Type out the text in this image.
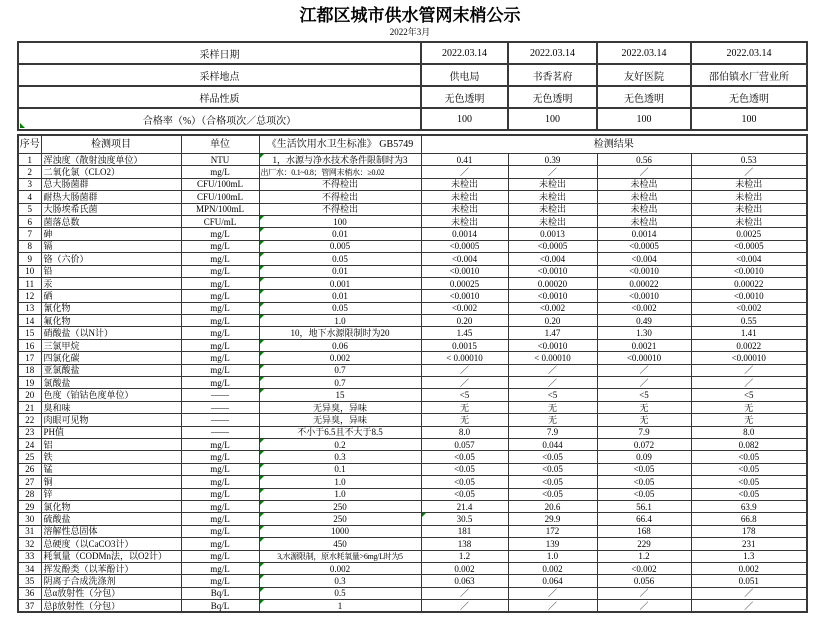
江都区城市供水管网末梢公示
2022年3月
采样日期	2022.03.14	2022.03.14	2022.03.14	2022.03.14
采样地点	供电局	书香茗府	友好医院	邵伯镇水厂营业所
样品性质	无色透明	无色透明	无色透明	无色透明

合格率（%）（合格项次／总项次）	100	100	100	100
序号	检测项目	单位	《生活饮用水卫生标准》 GB5749	检测结果			
1	浑浊度（散射浊度单位）	NTU	1，水源与净水技术条件限制时为3	0.41	0.39	0.56	0.53
2	二氧化氯（CLO2）	mg/L	出厂水：0.1~0.8；管网末梢水：≥0.02	／	／	／	／
3	总大肠菌群	CFU/100mL	不得检出	未检出	未检出	未检出	未检出
4	耐热大肠菌群	CFU/100mL	不得检出	未检出	未检出	未检出	未检出
5	大肠埃希氏菌	MPN/100mL	不得检出	未检出	未检出	未检出	未检出
6	菌落总数	CFU/mL	100	未检出	未检出	未检出	未检出
7	砷	mg/L	0.01	0.0014	0.0013	0.0014	0.0025
8	镉	mg/L	0.005	<0.0005	<0.0005	<0.0005	<0.0005
9	铬（六价）	mg/L	0.05	<0.004	<0.004	<0.004	<0.004
10	铅	mg/L	0.01	<0.0010	<0.0010	<0.0010	<0.0010
11	汞	mg/L	0.001	0.00025	0.00020	0.00022	0.00022
12	硒	mg/L	0.01	<0.0010	<0.0010	<0.0010	<0.0010
13	氰化物	mg/L	0.05	<0.002	<0.002	<0.002	<0.002
14	氟化物	mg/L	1.0	0.20	0.20	0.49	0.55
15	硝酸盐（以N计）	mg/L	10，地下水源限制时为20	1.45	1.47	1.30	1.41
16	三氯甲烷	mg/L	0.06	0.0015	<0.0010	0.0021	0.0022
17	四氯化碳	mg/L	0.002	< 0.00010	< 0.00010	<0.00010	<0.00010
18	亚氯酸盐	mg/L	0.7	／	／	／	／
19	氯酸盐	mg/L	0.7	／	／	／	／
20	色度（铂钴色度单位）	——	15	<5	<5	<5	<5
21	臭和味	——	无异臭，异味	无	无	无	无
22	肉眼可见物	——	无异臭，异味	无	无	无	无
23	PH值	——	不小于6.5且不大于8.5	8.0	7.9	7.9	8.0
24	铝	mg/L	0.2	0.057	0.044	0.072	0.082
25	铁	mg/L	0.3	<0.05	<0.05	0.09	<0.05
26	锰	mg/L	0.1	<0.05	<0.05	<0.05	<0.05
27	铜	mg/L	1.0	<0.05	<0.05	<0.05	<0.05
28	锌	mg/L	1.0	<0.05	<0.05	<0.05	<0.05
29	氯化物	mg/L	250	21.4	20.6	56.1	63.9
30	硫酸盐	mg/L	250	30.5	29.9	66.4	66.8
31	溶解性总固体	mg/L	1000	181	172	168	178
32	总硬度（以CaCO3计）	mg/L	450	138	139	229	231
33	耗氧量（CODMn法，以O2计）	mg/L	3,水源限制，原水耗氧量>6mg/L时为5	1.2	1.0	1.2	1.3
34	挥发酚类（以苯酚计）	mg/L	0.002	0.002	0.002	<0.002	0.002
35	阴离子合成洗涤剂	mg/L	0.3	0.063	0.064	0.056	0.051
36	总α放射性（分包）	Bq/L	0.5	／	／	／	／
37	总β放射性（分包）	Bq/L	1	／	／	／	／
